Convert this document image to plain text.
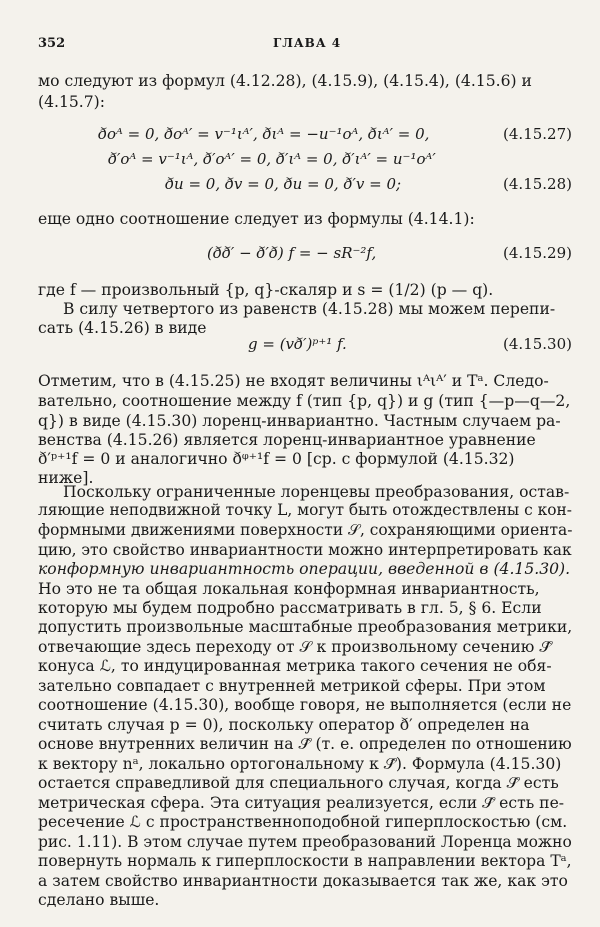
352	ГЛАВА 4
мо следуют из формул (4.12.28), (4.15.9), (4.15.4), (4.15.6) и
(4.15.7):
ðoᴬ = 0, ðoᴬ′ = v⁻¹ιᴬ′, ðιᴬ = −u⁻¹oᴬ, ðιᴬ′ = 0,	(4.15.27)
ð′oᴬ = v⁻¹ιᴬ, ð′oᴬ′ = 0, ð′ιᴬ = 0, ð′ιᴬ′ = u⁻¹oᴬ′
ðu = 0, ðv = 0, ðu = 0, ð′v = 0;	(4.15.28)
еще одно соотношение следует из формулы (4.14.1):
(ðð′ − ð′ð) f = − sR⁻²f,	(4.15.29)
где f — произвольный {p, q}-скаляр и s = (1/2) (p — q).
В силу четвертого из равенств (4.15.28) мы можем перепи-
сать (4.15.26) в виде
g = (vð′)ᵖ⁺¹ f.	(4.15.30)
Отметим, что в (4.15.25) не входят величины ιᴬιᴬ′ и Tᵃ. Следо-
вательно, соотношение между f (тип {p, q}) и g (тип {—p—q—2,
q}) в виде (4.15.30) лоренц-инвариантно. Частным случаем ра-
венства (4.15.26) является лоренц-инвариантное уравнение
ð′ᵖ⁺¹f = 0 и аналогично ðᵠ⁺¹f = 0 [ср. с формулой (4.15.32)
ниже].
Поскольку ограниченные лоренцевы преобразования, остав-
ляющие неподвижной точку L, могут быть отождествлены с кон-
формными движениями поверхности 𝒮, сохраняющими ориента-
цию, это свойство инвариантности можно интерпретировать как
конформную инвариантность операции, введенной в (4.15.30).
Но это не та общая локальная конформная инвариантность,
которую мы будем подробно рассматривать в гл. 5, § 6. Если
допустить произвольные масштабные преобразования метрики,
отвечающие здесь переходу от 𝒮 к произвольному сечению 𝒮̂
конуса ℒ, то индуцированная метрика такого сечения не обя-
зательно совпадает с внутренней метрикой сферы. При этом
соотношение (4.15.30), вообще говоря, не выполняется (если не
считать случая p = 0), поскольку оператор ð′ определен на
основе внутренних величин на 𝒮̂ (т. е. определен по отношению
к вектору nᵃ, локально ортогональному к 𝒮̂). Формула (4.15.30)
остается справедливой для специального случая, когда 𝒮̂ есть
метрическая сфера. Эта ситуация реализуется, если 𝒮̂ есть пе-
ресечение ℒ с пространственноподобной гиперплоскостью (см.
рис. 1.11). В этом случае путем преобразований Лоренца можно
повернуть нормаль к гиперплоскости в направлении вектора Tᵃ,
а затем свойство инвариантности доказывается так же, как это
сделано выше.
